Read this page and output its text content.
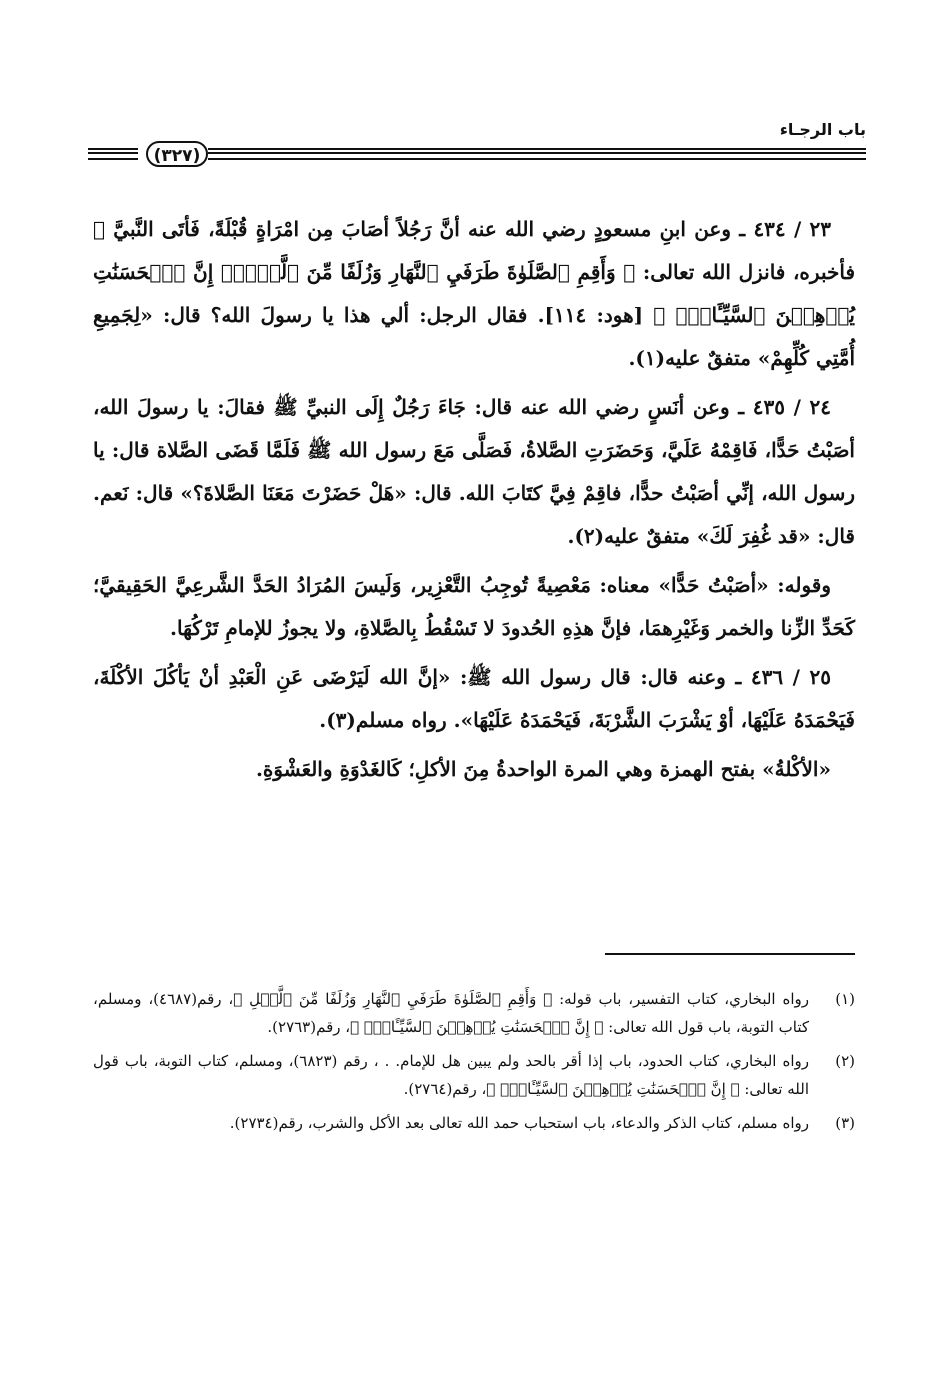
باب الرجـاء
(٣٢٧)

٢٣ / ٤٣٤ ـ وعن ابنِ مسعودٍ رضي الله عنه أنَّ رَجُلاً أصَابَ مِن امْرَاةٍ قُبْلَةً، فَأتَى النَّبيَّ ﷺ فأخبره، فانزل الله تعالى: ﴿ وَأَقِمِ ٱلصَّلَوٰةَ طَرَفَيِ ٱلنَّهَارِ وَزُلَفًا مِّنَ ٱلَّيۡلِۚ إِنَّ ٱلۡحَسَنَٰتِ يُذۡهِبۡنَ ٱلسَّيِّـَٔاتِۚ ﴾ [هود: ١١٤]. فقال الرجل: ألي هذا يا رسولَ الله؟ قال: «لِجَمِيعِ أُمَّتِي كُلِّهِمْ» متفقٌ عليه(١).

٢٤ / ٤٣٥ ـ وعن أنَسٍ رضي الله عنه قال: جَاءَ رَجُلٌ إِلَى النبيِّ ﷺ فقالَ: يا رسولَ الله، أصَبْتُ حَدًّا، فَاقِمْهُ عَلَيَّ، وَحَضَرَتِ الصَّلاةُ، فَصَلَّى مَعَ رسول الله ﷺ فَلَمَّا قَضَى الصَّلاة قال: يا رسول الله، إنِّي أصَبْتُ حدًّا، فاقِمْ فِيَّ كتَابَ الله. قال: «هَلْ حَضَرْتَ مَعَنَا الصَّلاةَ؟» قال: نَعم. قال: «قد غُفِرَ لَكَ» متفقٌ عليه(٢).

وقوله: «أصَبْتُ حَدًّا» معناه: مَعْصِيةً تُوجِبُ التَّعْزِير، وَلَيسَ المُرَادُ الحَدَّ الشَّرعِيَّ الحَقِيقيَّ؛ كَحَدِّ الزِّنا والخمر وَغَيْرِهمَا، فإنَّ هذِهِ الحُدودَ لا تَسْقُطُ بِالصَّلاةِ، ولا يجوزُ للإمامِ تَرْكُهَا.

٢٥ / ٤٣٦ ـ وعنه قال: قال رسول الله ﷺ: «إنَّ الله لَيَرْضَى عَنِ الْعَبْدِ أنْ يَأكُلَ الأكْلَةَ، فَيَحْمَدَهُ عَلَيْهَا، أوْ يَشْرَبَ الشَّرْبَةَ، فَيَحْمَدَهُ عَلَيْهَا». رواه مسلم(٣).

«الأكْلةُ» بفتح الهمزة وهي المرة الواحدةُ مِنَ الأكلِ؛ كَالغَدْوَةِ والعَشْوَةِ.

(١)
رواه البخاري، كتاب التفسير، باب قوله: ﴿ وَأَقِمِ ٱلصَّلَوٰةَ طَرَفَيِ ٱلنَّهَارِ وَزُلَفًا مِّنَ ٱلَّيۡلِ ﴾، رقم(٤٦٨٧)، ومسلم، كتاب التوبة، باب قول الله تعالى: ﴿ إِنَّ ٱلۡحَسَنَٰتِ يُذۡهِبۡنَ ٱلسَّيِّـَٔاتِۚ ﴾، رقم(٢٧٦٣).
(٢)
رواه البخاري، كتاب الحدود، باب إذا أقر بالحد ولم يبين هل للإمام. . ، رقم (٦٨٢٣)، ومسلم، كتاب التوبة، باب قول الله تعالى: ﴿ إِنَّ ٱلۡحَسَنَٰتِ يُذۡهِبۡنَ ٱلسَّيِّـَٔاتِۚ ﴾، رقم(٢٧٦٤).
(٣)
رواه مسلم، كتاب الذكر والدعاء، باب استحباب حمد الله تعالى بعد الأكل والشرب، رقم(٢٧٣٤).
